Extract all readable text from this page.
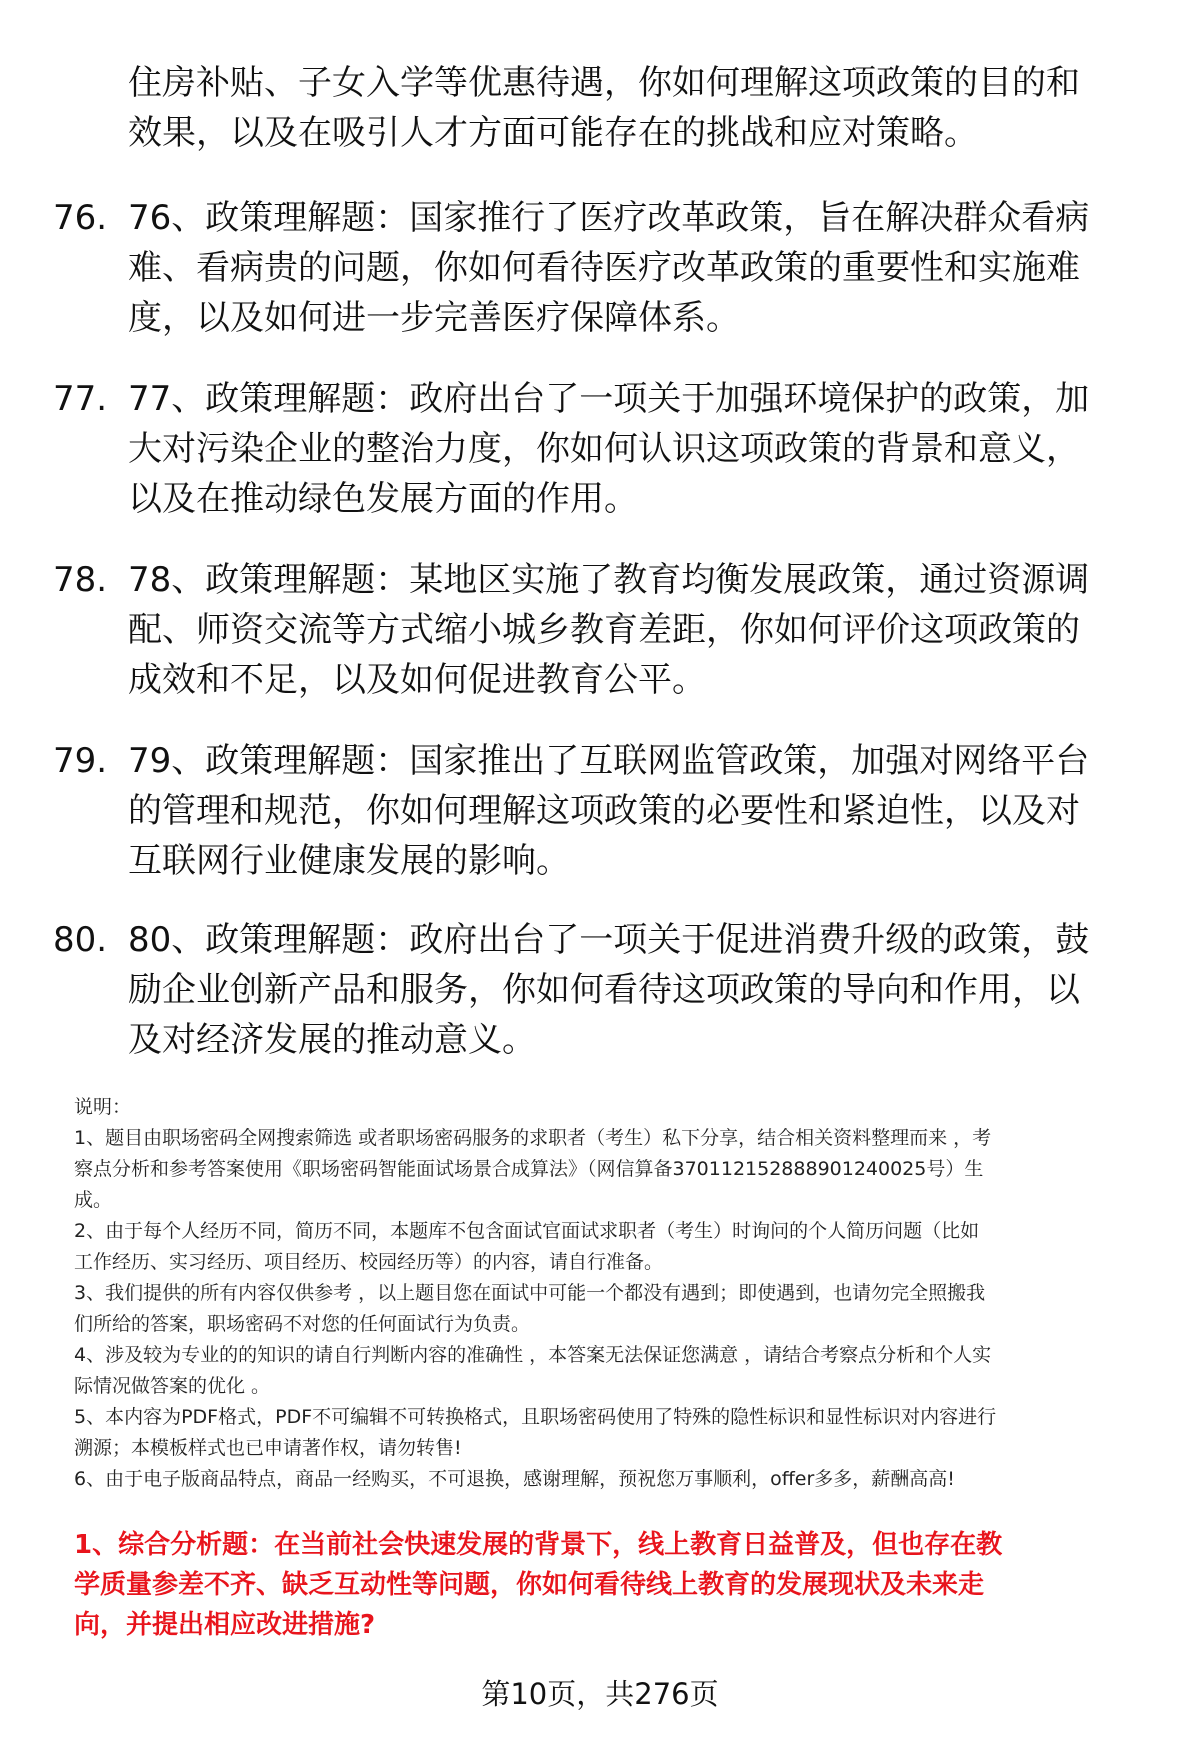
住房补贴、子女入学等优惠待遇，你如何理解这项政策的目的和
效果，以及在吸引人才方面可能存在的挑战和应对策略。
76. 76、政策理解题：国家推行了医疗改革政策，旨在解决群众看病
难、看病贵的问题，你如何看待医疗改革政策的重要性和实施难
度，以及如何进一步完善医疗保障体系。
77. 77、政策理解题：政府出台了一项关于加强环境保护的政策，加
大对污染企业的整治力度，你如何认识这项政策的背景和意义，
以及在推动绿色发展方面的作用。
78. 78、政策理解题：某地区实施了教育均衡发展政策，通过资源调
配、师资交流等方式缩小城乡教育差距，你如何评价这项政策的
成效和不足，以及如何促进教育公平。
79. 79、政策理解题：国家推出了互联网监管政策，加强对网络平台
的管理和规范，你如何理解这项政策的必要性和紧迫性，以及对
互联网行业健康发展的影响。
80. 80、政策理解题：政府出台了一项关于促进消费升级的政策，鼓
励企业创新产品和服务，你如何看待这项政策的导向和作用，以
及对经济发展的推动意义。
说明：
1、题目由职场密码全网搜索筛选 或者职场密码服务的求职者（考生）私下分享，结合相关资料整理而来 ，考
察点分析和参考答案使用《职场密码智能面试场景合成算法》（网信算备370112152888901240025号）生
成。
2、由于每个人经历不同，简历不同，本题库不包含面试官面试求职者（考生）时询问的个人简历问题（比如
工作经历、实习经历、项目经历、校园经历等）的内容，请自行准备。
3、我们提供的所有内容仅供参考 ，以上题目您在面试中可能一个都没有遇到；即使遇到，也请勿完全照搬我
们所给的答案，职场密码不对您的任何面试行为负责。
4、涉及较为专业的的知识的请自行判断内容的准确性 ，本答案无法保证您满意 ，请结合考察点分析和个人实
际情况做答案的优化 。
5、本内容为PDF格式，PDF不可编辑不可转换格式，且职场密码使用了特殊的隐性标识和显性标识对内容进行
溯源；本模板样式也已申请著作权，请勿转售!
6、由于电子版商品特点，商品一经购买，不可退换，感谢理解，预祝您万事顺利，offer多多，薪酬高高!
1、综合分析题：在当前社会快速发展的背景下，线上教育日益普及，但也存在教
学质量参差不齐、缺乏互动性等问题，你如何看待线上教育的发展现状及未来走
向，并提出相应改进措施?
第10页，共276页
